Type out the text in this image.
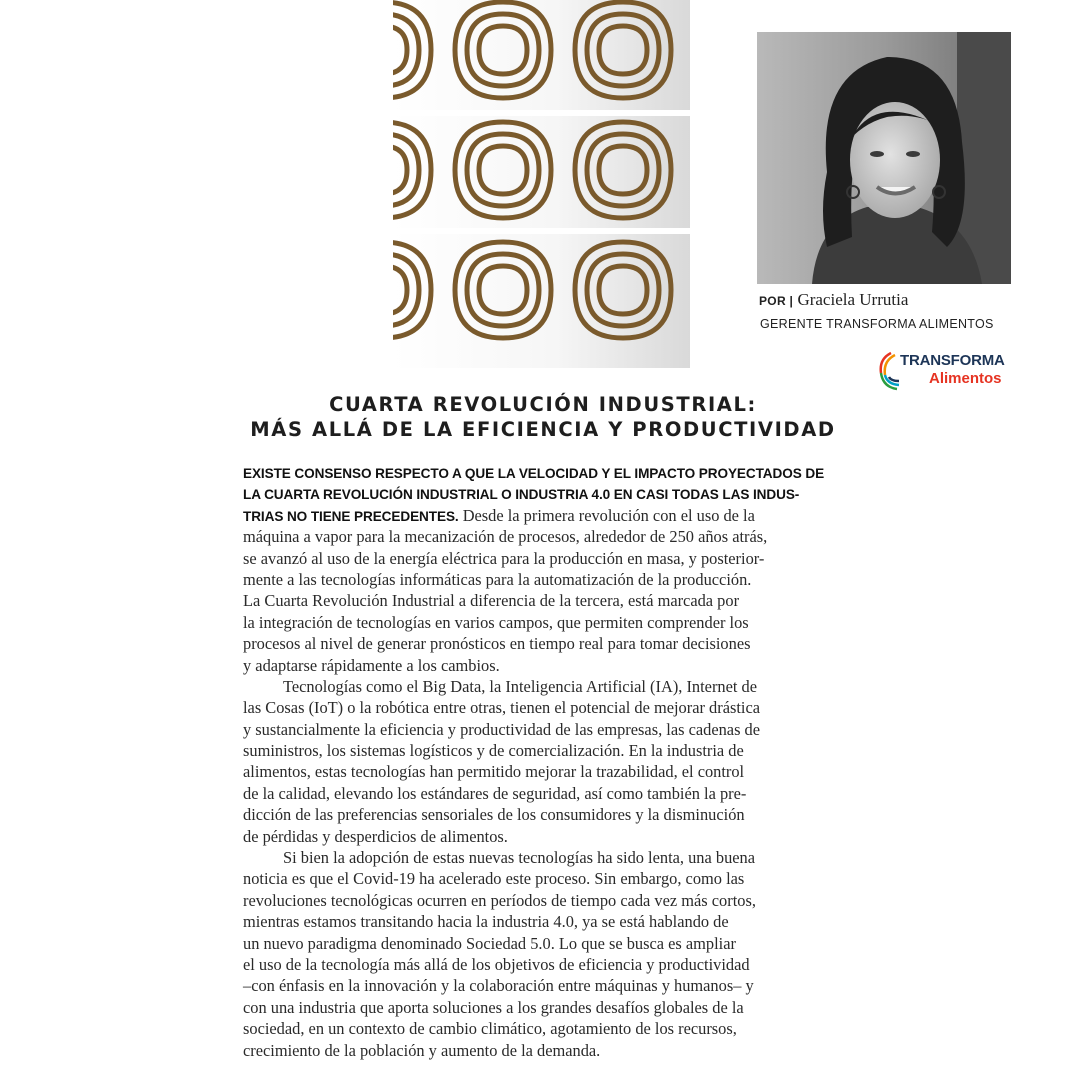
POR | Graciela Urrutia
GERENTE TRANSFORMA ALIMENTOS
TRANSFORMA
Alimentos
CUARTA REVOLUCIÓN INDUSTRIAL:
MÁS ALLÁ DE LA EFICIENCIA Y PRODUCTIVIDAD
EXISTE CONSENSO RESPECTO A QUE LA VELOCIDAD Y EL IMPACTO PROYECTADOS DE
LA CUARTA REVOLUCIÓN INDUSTRIAL O INDUSTRIA 4.0 EN CASI TODAS LAS INDUS-
TRIAS NO TIENE PRECEDENTES. Desde la primera revolución con el uso de la
máquina a vapor para la mecanización de procesos, alrededor de 250 años atrás,
se avanzó al uso de la energía eléctrica para la producción en masa, y posterior-
mente a las tecnologías informáticas para la automatización de la producción.
La Cuarta Revolución Industrial a diferencia de la tercera, está marcada por
la integración de tecnologías en varios campos, que permiten comprender los
procesos al nivel de generar pronósticos en tiempo real para tomar decisiones
y adaptarse rápidamente a los cambios.
Tecnologías como el Big Data, la Inteligencia Artificial (IA), Internet de
las Cosas (IoT) o la robótica entre otras, tienen el potencial de mejorar drástica
y sustancialmente la eficiencia y productividad de las empresas, las cadenas de
suministros, los sistemas logísticos y de comercialización. En la industria de
alimentos, estas tecnologías han permitido mejorar la trazabilidad, el control
de la calidad, elevando los estándares de seguridad, así como también la pre-
dicción de las preferencias sensoriales de los consumidores y la disminución
de pérdidas y desperdicios de alimentos.
Si bien la adopción de estas nuevas tecnologías ha sido lenta, una buena
noticia es que el Covid-19 ha acelerado este proceso. Sin embargo, como las
revoluciones tecnológicas ocurren en períodos de tiempo cada vez más cortos,
mientras estamos transitando hacia la industria 4.0, ya se está hablando de
un nuevo paradigma denominado Sociedad 5.0. Lo que se busca es ampliar
el uso de la tecnología más allá de los objetivos de eficiencia y productividad
–con énfasis en la innovación y la colaboración entre máquinas y humanos– y
con una industria que aporta soluciones a los grandes desafíos globales de la
sociedad, en un contexto de cambio climático, agotamiento de los recursos,
crecimiento de la población y aumento de la demanda.
